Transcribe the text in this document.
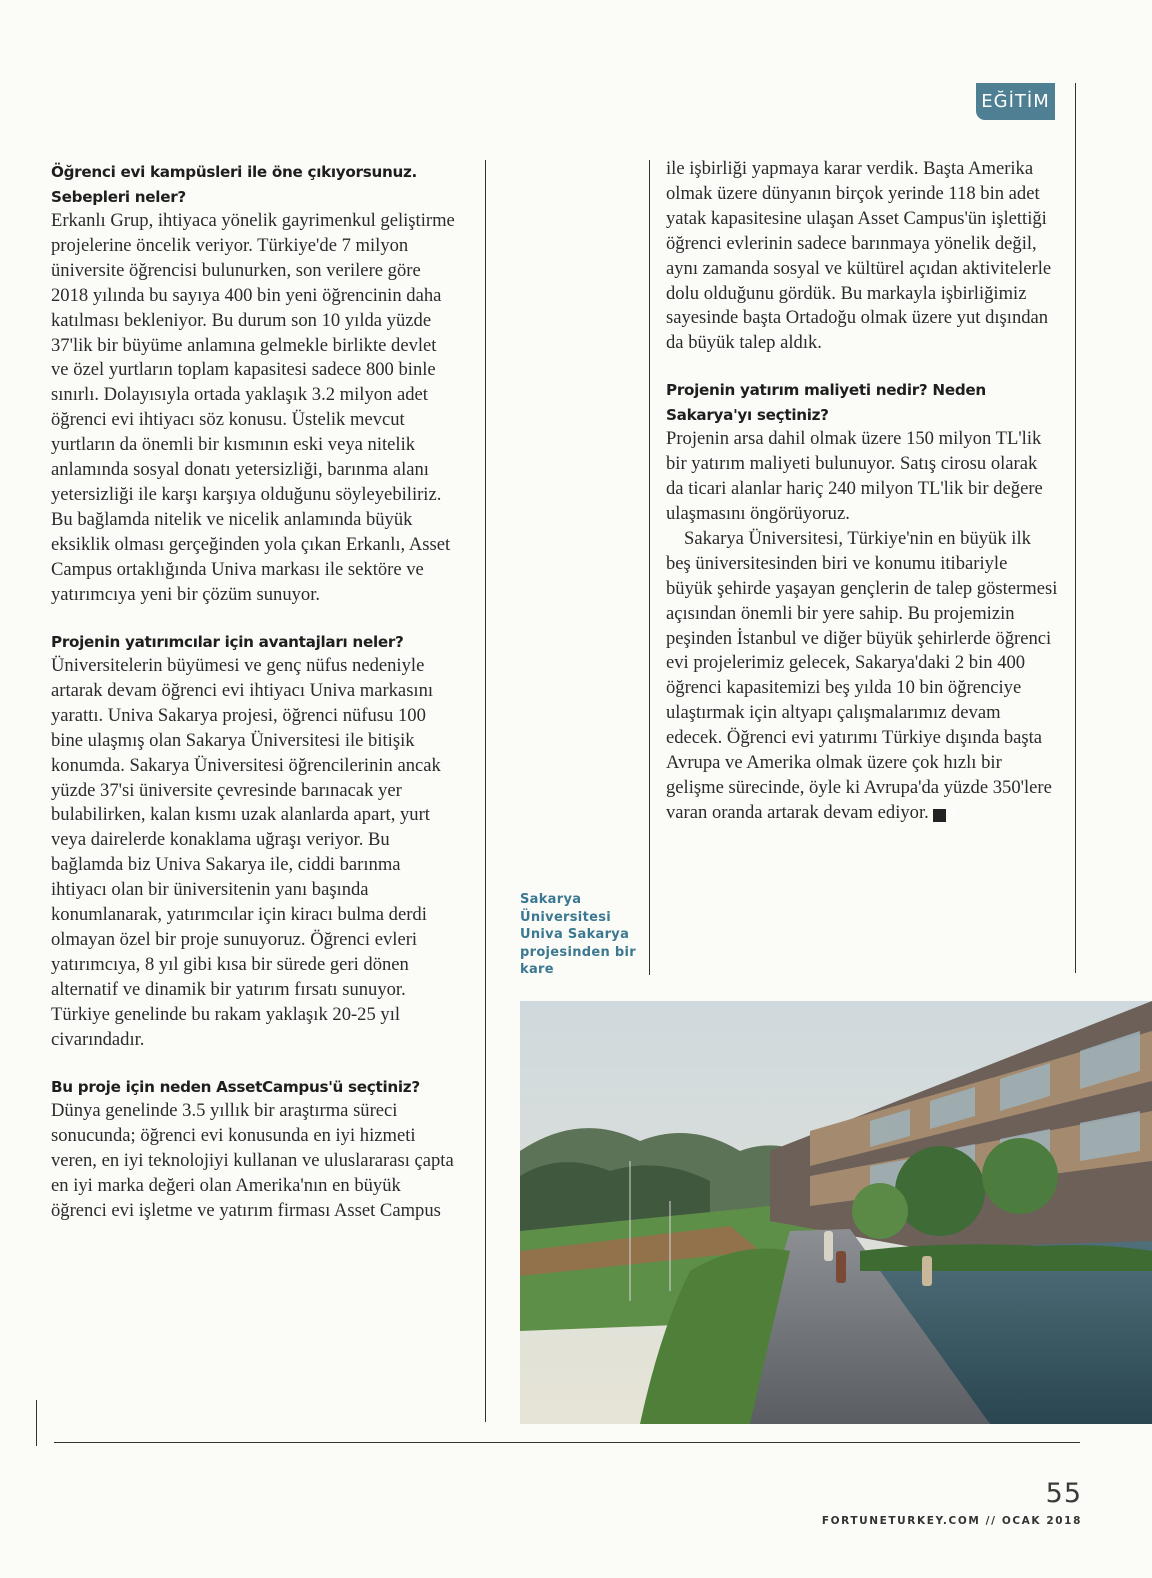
EĞİTİM

Öğrenci evi kampüsleri ile öne çıkıyorsunuz. Sebepleri neler?

Erkanlı Grup, ihtiyaca yönelik gayrimenkul geliştirme projelerine öncelik veriyor. Türkiye'de 7 milyon üniversite öğrencisi bulunurken, son verilere göre 2018 yılında bu sayıya 400 bin yeni öğrencinin daha katılması bekleniyor. Bu durum son 10 yılda yüzde 37'lik bir büyüme anlamına gelmekle birlikte devlet ve özel yurtların toplam kapasitesi sadece 800 binle sınırlı. Dolayısıyla ortada yaklaşık 3.2 milyon adet öğrenci evi ihtiyacı söz konusu. Üstelik mevcut yurtların da önemli bir kısmının eski veya nitelik anlamında sosyal donatı yetersizliği, barınma alanı yetersizliği ile karşı karşıya olduğunu söyleyebiliriz. Bu bağlamda nitelik ve nicelik anlamında büyük eksiklik olması gerçeğinden yola çıkan Erkanlı, Asset Campus ortaklığında Univa markası ile sektöre ve yatırımcıya yeni bir çözüm sunuyor.

Projenin yatırımcılar için avantajları neler?

Üniversitelerin büyümesi ve genç nüfus nedeniyle artarak devam öğrenci evi ihtiyacı Univa markasını yarattı. Univa Sakarya projesi, öğrenci nüfusu 100 bine ulaşmış olan Sakarya Üniversitesi ile bitişik konumda. Sakarya Üniversitesi öğrencilerinin ancak yüzde 37'si üniversite çevresinde barınacak yer bulabilirken, kalan kısmı uzak alanlarda apart, yurt veya dairelerde konaklama uğraşı veriyor. Bu bağlamda biz Univa Sakarya ile, ciddi barınma ihtiyacı olan bir üniversitenin yanı başında konumlanarak, yatırımcılar için kiracı bulma derdi olmayan özel bir proje sunuyoruz. Öğrenci evleri yatırımcıya, 8 yıl gibi kısa bir sürede geri dönen alternatif ve dinamik bir yatırım fırsatı sunuyor. Türkiye genelinde bu rakam yaklaşık 20-25 yıl civarındadır.

Bu proje için neden AssetCampus'ü seçtiniz?

Dünya genelinde 3.5 yıllık bir araştırma süreci sonucunda; öğrenci evi konusunda en iyi hizmeti veren, en iyi teknolojiyi kullanan ve uluslararası çapta en iyi marka değeri olan Amerika'nın en büyük öğrenci evi işletme ve yatırım firması Asset Campus

ile işbirliği yapmaya karar verdik. Başta Amerika olmak üzere dünyanın birçok yerinde 118 bin adet yatak kapasitesine ulaşan Asset Campus'ün işlettiği öğrenci evlerinin sadece barınmaya yönelik değil, aynı zamanda sosyal ve kültürel açıdan aktivitelerle dolu olduğunu gördük. Bu markayla işbirliğimiz sayesinde başta Ortadoğu olmak üzere yut dışından da büyük talep aldık.

Projenin yatırım maliyeti nedir? Neden Sakarya'yı seçtiniz?

Projenin arsa dahil olmak üzere 150 milyon TL'lik bir yatırım maliyeti bulunuyor. Satış cirosu olarak da ticari alanlar hariç 240 milyon TL'lik bir değere ulaşmasını öngörüyoruz.

Sakarya Üniversitesi, Türkiye'nin en büyük ilk beş üniversitesinden biri ve konumu itibariyle büyük şehirde yaşayan gençlerin de talep göstermesi açısından önemli bir yere sahip. Bu projemizin peşinden İstanbul ve diğer büyük şehirlerde öğrenci evi projelerimiz gelecek, Sakarya'daki 2 bin 400 öğrenci kapasitemizi beş yılda 10 bin öğrenciye ulaştırmak için altyapı çalışmalarımız devam edecek. Öğrenci evi yatırımı Türkiye dışında başta Avrupa ve Amerika olmak üzere çok hızlı bir gelişme sürecinde, öyle ki Avrupa'da yüzde 350'lere varan oranda artarak devam ediyor. F

Sakarya Üniversitesi Univa Sakarya projesinden bir kare
55
FORTUNETURKEY.COM // OCAK 2018
